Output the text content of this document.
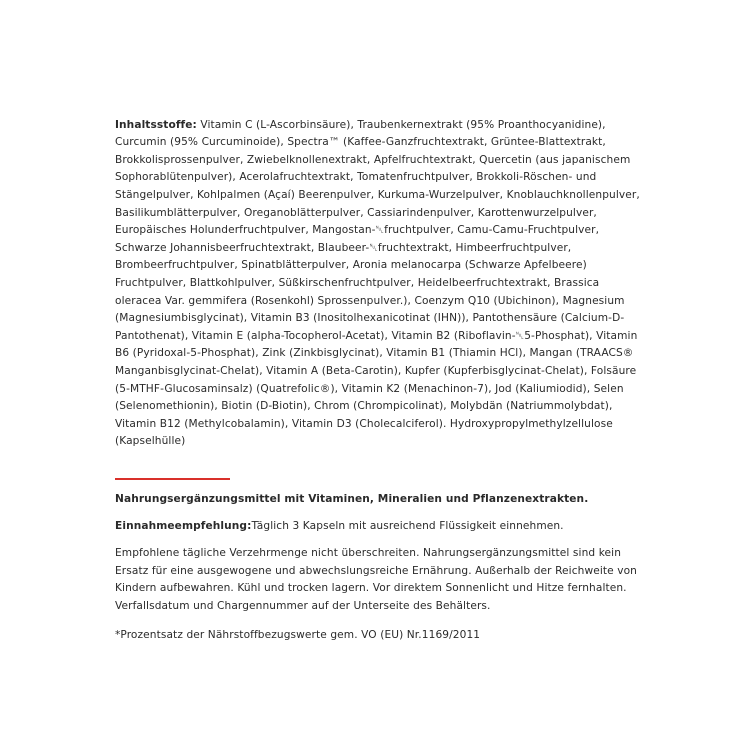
Inhaltsstoffe: Vitamin C (L-Ascorbinsäure), Traubenkernextrakt (95% Proanthocyanidine), Curcumin (95% Curcuminoide), Spectra™ (Kaffee-Ganzfruchtextrakt, Grüntee-Blattextrakt, Brokkolisprossenpulver, Zwiebelknollenextrakt, Apfelfruchtextrakt, Quercetin (aus japanischem Sophorablütenpulver), Acerolafruchtextrakt, Tomatenfruchtpulver, Brokkoli-Röschen- und Stängelpulver, Kohlpalmen (Açaí) Beerenpulver, Kurkuma-Wurzelpulver, Knoblauchknollenpulver, Basilikumblätterpulver, Oreganoblätterpulver, Cassiarindenpulver, Karottenwurzelpulver, Europäisches Holunderfruchtpulver, Mangostan-␀fruchtpulver, Camu-Camu-Fruchtpulver, Schwarze Johannisbeerfruchtextrakt, Blaubeer-␀fruchtextrakt, Himbeerfruchtpulver, Brombeerfruchtpulver, Spinatblätterpulver, Aronia melanocarpa (Schwarze Apfelbeere) Fruchtpulver, Blattkohlpulver, Süßkirschenfruchtpulver, Heidelbeerfruchtextrakt, Brassica oleracea Var. gemmifera (Rosenkohl) Sprossenpulver.), Coenzym Q10 (Ubichinon), Magnesium (Magnesiumbisglycinat), Vitamin B3 (Inositolhexanicotinat (IHN)), Pantothensäure (Calcium-D-Pantothenat), Vitamin E (alpha-Tocopherol-Acetat), Vitamin B2 (Riboflavin-␀5-Phosphat), Vitamin B6 (Pyridoxal-5-Phosphat), Zink (Zinkbisglycinat), Vitamin B1 (Thiamin HCl), Mangan (TRAACS® Manganbisglycinat-Chelat), Vitamin A (Beta-Carotin), Kupfer (Kupferbisglycinat-Chelat), Folsäure (5-MTHF-Glucosaminsalz) (Quatrefolic®), Vitamin K2 (Menachinon-7), Jod (Kaliumiodid), Selen (Selenomethionin), Biotin (D-Biotin), Chrom (Chrompicolinat), Molybdän (Natriummolybdat), Vitamin B12 (Methylcobalamin), Vitamin D3 (Cholecalciferol). Hydroxypropylmethylzellulose (Kapselhülle)

Nahrungsergänzungsmittel mit Vitaminen, Mineralien und Pflanzenextrakten.
Einnahmeempfehlung:Täglich 3 Kapseln mit ausreichend Flüssigkeit einnehmen.
Empfohlene tägliche Verzehrmenge nicht überschreiten. Nahrungsergänzungsmittel sind kein Ersatz für eine ausgewogene und abwechslungsreiche Ernährung. Außerhalb der Reichweite von Kindern aufbewahren. Kühl und trocken lagern. Vor direktem Sonnenlicht und Hitze fernhalten. Verfallsdatum und Chargennummer auf der Unterseite des Behälters.
*Prozentsatz der Nährstoffbezugswerte gem. VO (EU) Nr.1169/2011
